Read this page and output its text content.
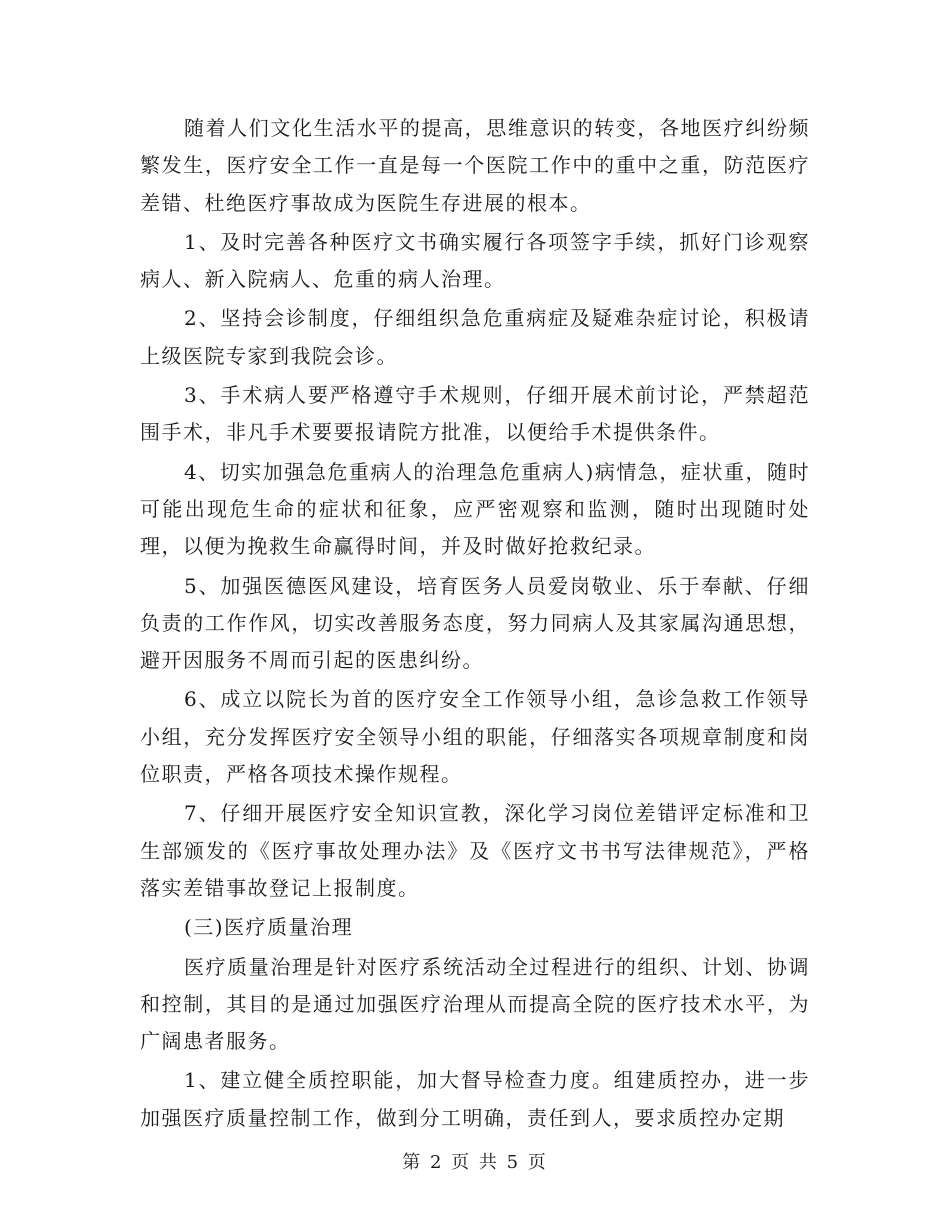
随着人们文化生活水平的提高，思维意识的转变，各地医疗纠纷频繁发生，医疗安全工作一直是每一个医院工作中的重中之重，防范医疗差错、杜绝医疗事故成为医院生存进展的根本。

1、及时完善各种医疗文书确实履行各项签字手续，抓好门诊观察病人、新入院病人、危重的病人治理。

2、坚持会诊制度，仔细组织急危重病症及疑难杂症讨论，积极请上级医院专家到我院会诊。

3、手术病人要严格遵守手术规则，仔细开展术前讨论，严禁超范围手术，非凡手术要要报请院方批准，以便给手术提供条件。

4、切实加强急危重病人的治理急危重病人)病情急，症状重，随时可能出现危生命的症状和征象，应严密观察和监测，随时出现随时处理，以便为挽救生命赢得时间，并及时做好抢救纪录。

5、加强医德医风建设，培育医务人员爱岗敬业、乐于奉献、仔细负责的工作作风，切实改善服务态度，努力同病人及其家属沟通思想，避开因服务不周而引起的医患纠纷。

6、成立以院长为首的医疗安全工作领导小组，急诊急救工作领导小组，充分发挥医疗安全领导小组的职能，仔细落实各项规章制度和岗位职责，严格各项技术操作规程。

7、仔细开展医疗安全知识宣教，深化学习岗位差错评定标准和卫生部颁发的《医疗事故处理办法》及《医疗文书书写法律规范》，严格落实差错事故登记上报制度。

(三)医疗质量治理

医疗质量治理是针对医疗系统活动全过程进行的组织、计划、协调和控制，其目的是通过加强医疗治理从而提高全院的医疗技术水平，为广阔患者服务。

1、建立健全质控职能，加大督导检查力度。组建质控办，进一步加强医疗质量控制工作，做到分工明确，责任到人，要求质控办定期

第 2 页 共 5 页
